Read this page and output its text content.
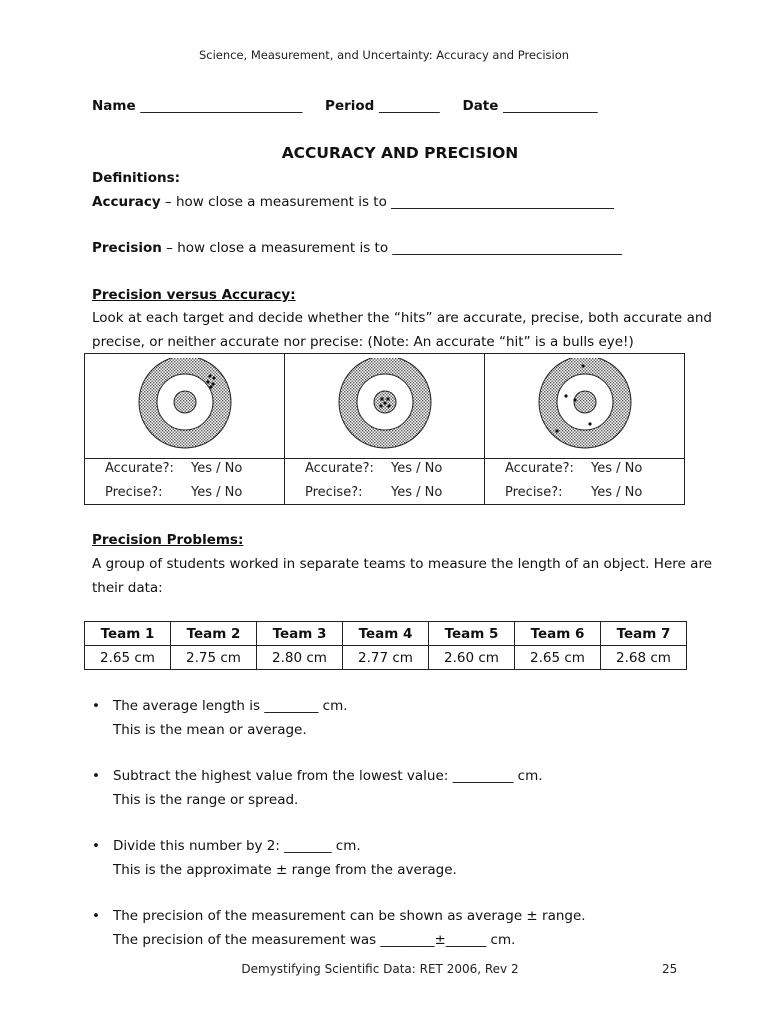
Science, Measurement, and Uncertainty: Accuracy and Precision
Name ________________________ Period _________ Date ______________
ACCURACY AND PRECISION
Definitions:
Accuracy – how close a measurement is to _________________________________
Precision – how close a measurement is to __________________________________
Precision versus Accuracy:
Look at each target and decide whether the “hits” are accurate, precise, both accurate and precise, or neither accurate nor precise: (Note: An accurate “hit” is a bulls eye!)
Accurate?: Yes / No
Precise?: Yes / No
Accurate?: Yes / No
Precise?: Yes / No
Accurate?: Yes / No
Precise?: Yes / No
Precision Problems:
A group of students worked in separate teams to measure the length of an object. Here are their data:
Team 1	Team 2	Team 3	Team 4	Team 5	Team 6	Team 7
2.65 cm	2.75 cm	2.80 cm	2.77 cm	2.60 cm	2.65 cm	2.68 cm
• The average length is ________ cm.
This is the mean or average.
• Subtract the highest value from the lowest value: _________ cm.
This is the range or spread.
• Divide this number by 2: _______ cm.
This is the approximate ± range from the average.
• The precision of the measurement can be shown as average ± range.
The precision of the measurement was ________±______ cm.
Demystifying Scientific Data: RET 2006, Rev 2	25
